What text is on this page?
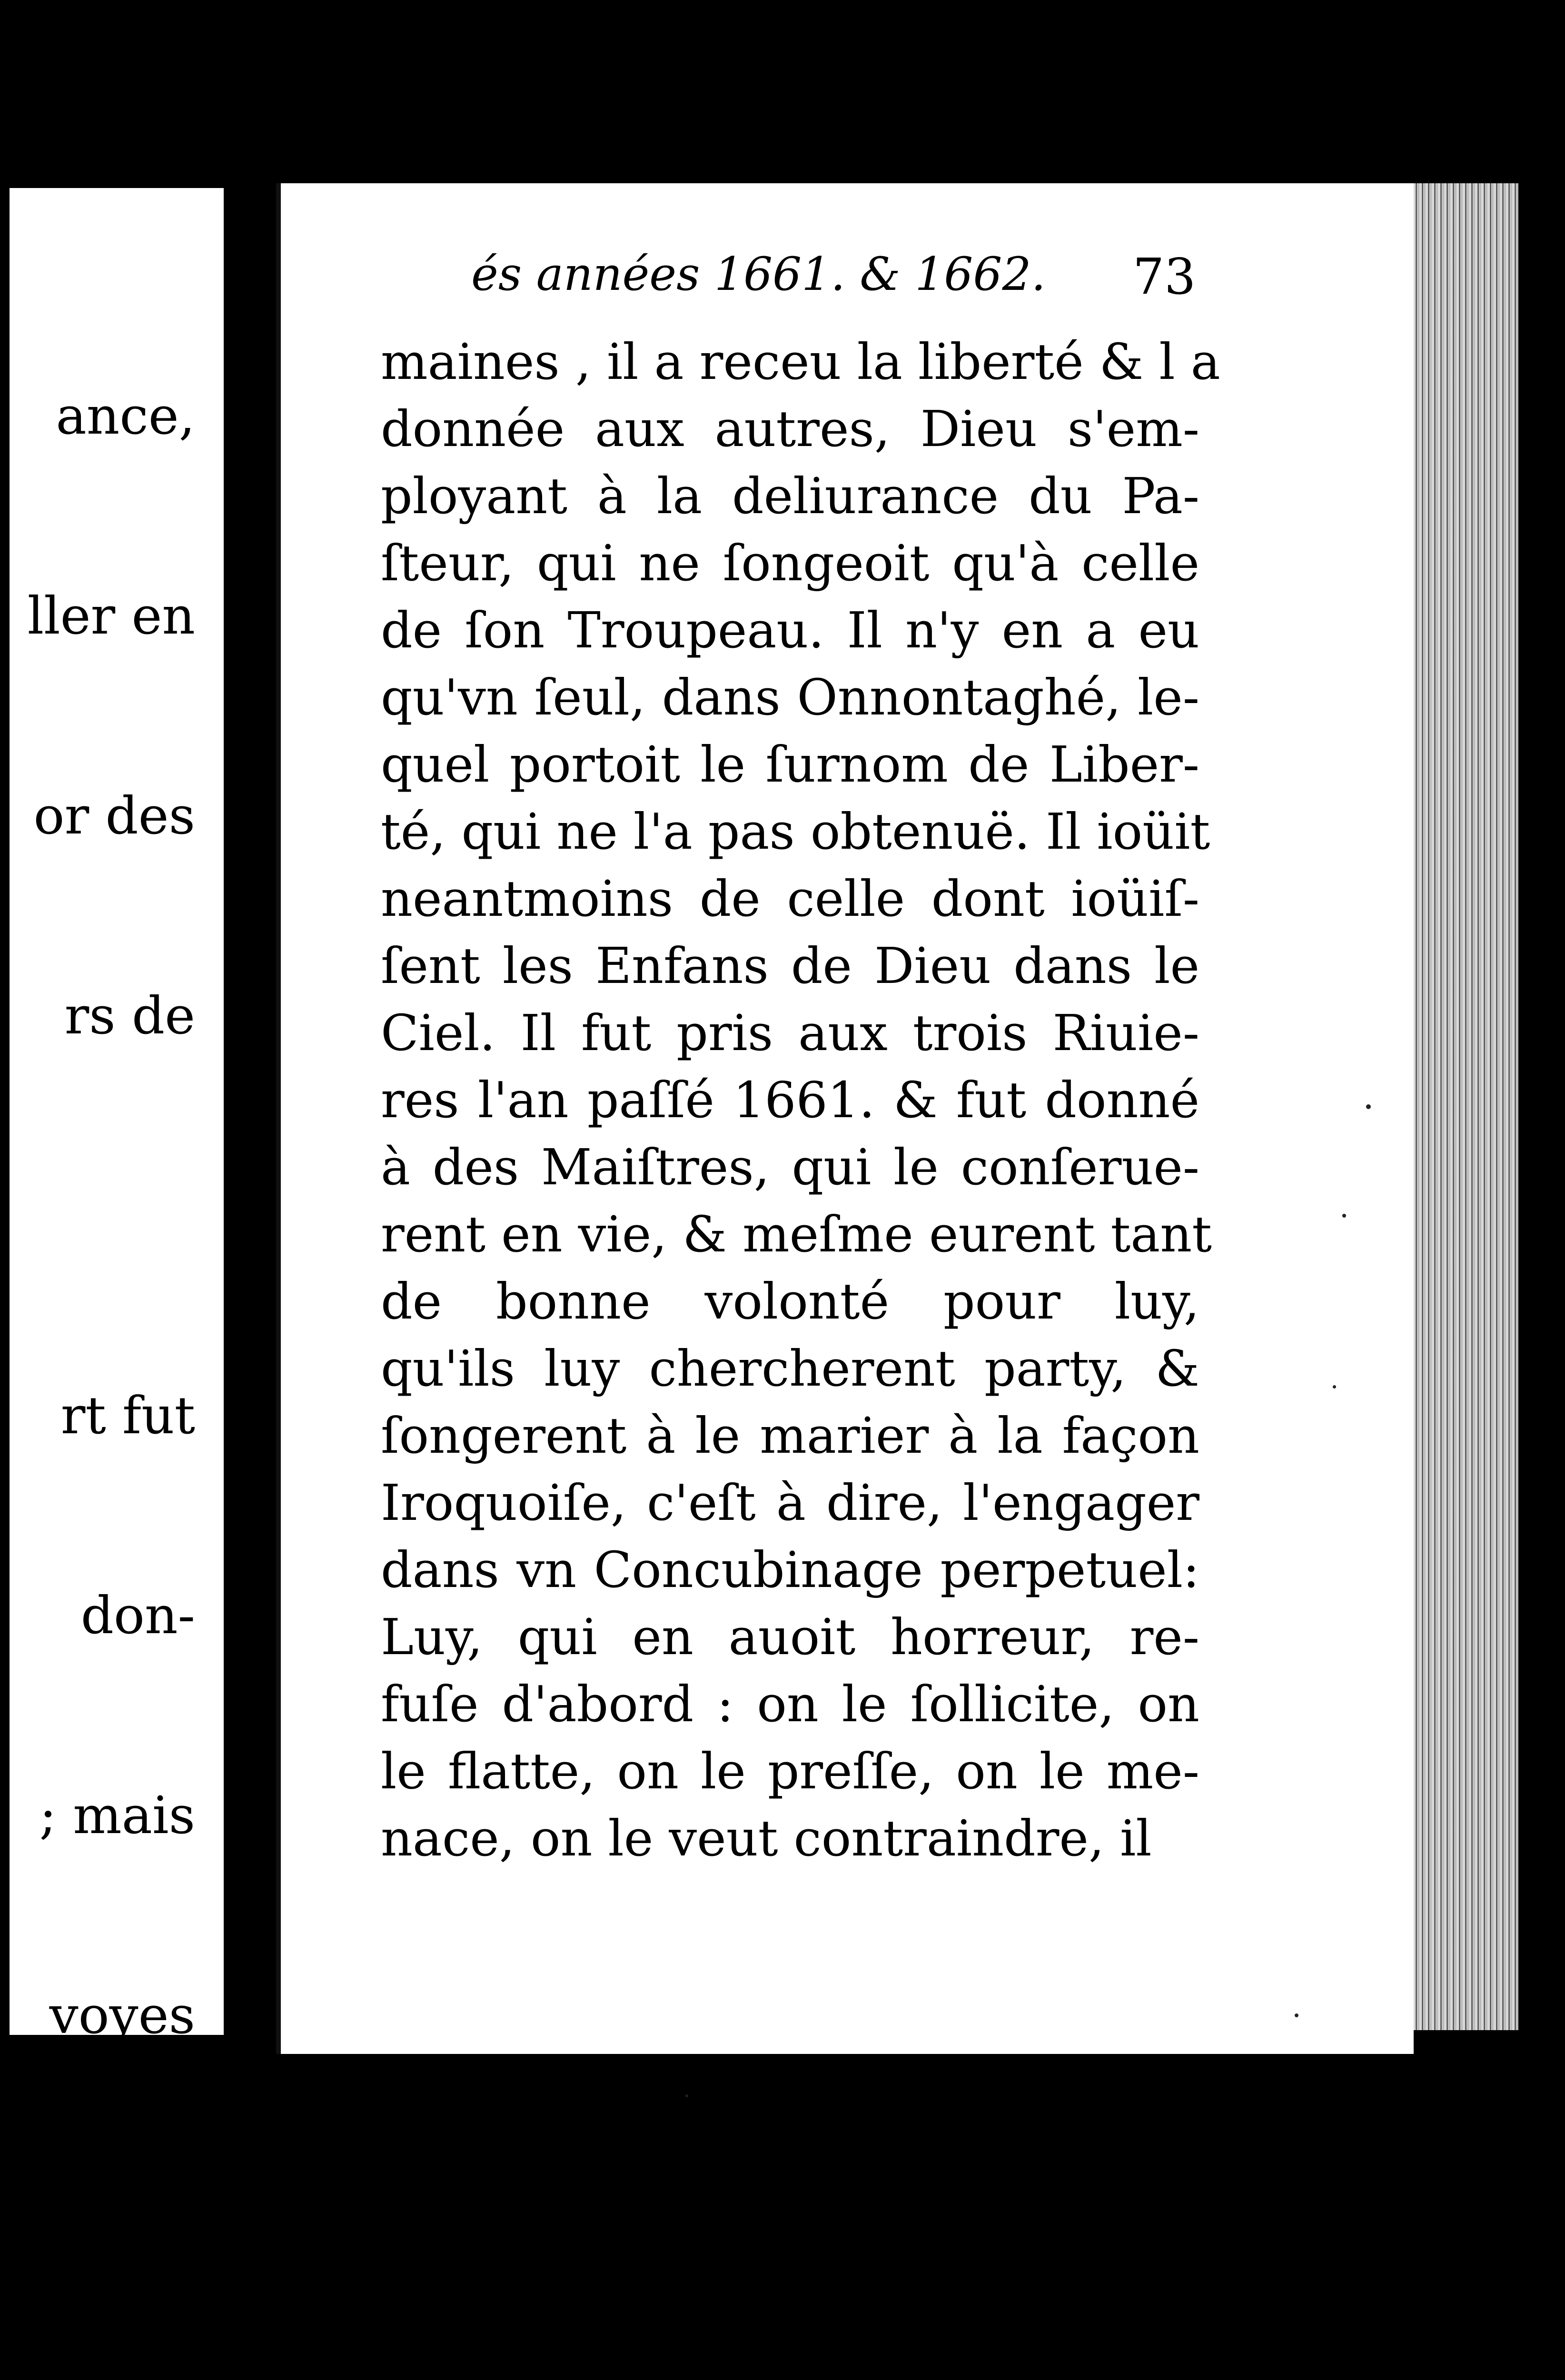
ance,

ller en

or des

rs de

rt fut

don-

; mais

voyes

ur la

és années 1661. & 1662.	73
maines , il a receu la liberté & l a
donnée aux autres, Dieu s'em-
ployant à la deliurance du Pa-
ſteur, qui ne ſongeoit qu'à celle
de ſon Troupeau. Il n'y en a eu
qu'vn ſeul, dans Onnontaghé, le-
quel portoit le ſurnom de Liber-
té, qui ne l'a pas obtenuë. Il ioüit
neantmoins de celle dont ioüiſ-
ſent les Enfans de Dieu dans le
Ciel. Il fut pris aux trois Riuie-
res l'an paſſé 1661. & fut donné
à des Maiſtres, qui le conſerue-
rent en vie, & meſme eurent tant
de bonne volonté pour luy,
qu'ils luy chercherent party, &
ſongerent à le marier à la façon
Iroquoiſe, c'eſt à dire, l'engager
dans vn Concubinage perpetuel:
Luy, qui en auoit horreur, re-
fuſe d'abord : on le ſollicite, on
le flatte, on le preſſe, on le me-
nace, on le veut contraindre, il
